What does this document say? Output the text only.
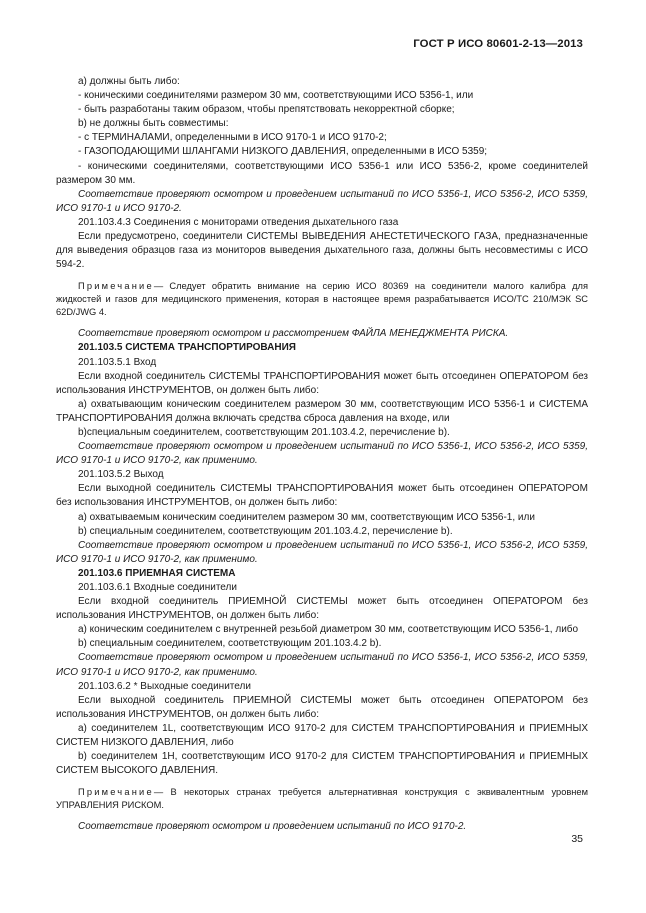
ГОСТ Р ИСО 80601-2-13—2013

a) должны быть либо:

- коническими соединителями размером 30 мм, соответствующими ИСО 5356-1, или

- быть разработаны таким образом, чтобы препятствовать некорректной сборке;

b) не должны быть совместимы:

- с ТЕРМИНАЛАМИ, определенными в ИСО 9170-1 и ИСО 9170-2;

- ГАЗОПОДАЮЩИМИ ШЛАНГАМИ НИЗКОГО ДАВЛЕНИЯ, определенными в ИСО 5359;

- коническими соединителями, соответствующими ИСО 5356-1 или ИСО 5356-2, кроме соединителей размером 30 мм.

Соответствие проверяют осмотром и проведением испытаний по ИСО 5356-1, ИСО 5356-2, ИСО 5359, ИСО 9170-1 и ИСО 9170-2.

201.103.4.3 Соединения с мониторами отведения дыхательного газа

Если предусмотрено, соединители СИСТЕМЫ ВЫВЕДЕНИЯ АНЕСТЕТИЧЕСКОГО ГАЗА, предназначенные для выведения образцов газа из мониторов выведения дыхательного газа, должны быть несовместимы с ИСО 594-2.

Примечание— Следует обратить внимание на серию ИСО 80369 на соединители малого калибра для жидкостей и газов для медицинского применения, которая в настоящее время разрабатывается ИСО/ТС 210/МЭК SC 62D/JWG 4.

Соответствие проверяют осмотром и рассмотрением ФАЙЛА МЕНЕДЖМЕНТА РИСКА.

201.103.5 СИСТЕМА ТРАНСПОРТИРОВАНИЯ

201.103.5.1 Вход

Если входной соединитель СИСТЕМЫ ТРАНСПОРТИРОВАНИЯ может быть отсоединен ОПЕРАТОРОМ без использования ИНСТРУМЕНТОВ, он должен быть либо:

a) охватывающим коническим соединителем размером 30 мм, соответствующим ИСО 5356-1 и СИСТЕМА ТРАНСПОРТИРОВАНИЯ должна включать средства сброса давления на входе, или

b)специальным соединителем, соответствующим 201.103.4.2, перечисление b).

Соответствие проверяют осмотром и проведением испытаний по ИСО 5356-1, ИСО 5356-2, ИСО 5359, ИСО 9170-1 и ИСО 9170-2, как применимо.

201.103.5.2 Выход

Если выходной соединитель СИСТЕМЫ ТРАНСПОРТИРОВАНИЯ может быть отсоединен ОПЕРАТОРОМ без использования ИНСТРУМЕНТОВ, он должен быть либо:

a) охватываемым коническим соединителем размером 30 мм, соответствующим ИСО 5356-1, или

b) специальным соединителем, соответствующим 201.103.4.2, перечисление b).

Соответствие проверяют осмотром и проведением испытаний по ИСО 5356-1, ИСО 5356-2, ИСО 5359, ИСО 9170-1 и ИСО 9170-2, как применимо.

201.103.6 ПРИЕМНАЯ СИСТЕМА

201.103.6.1 Входные соединители

Если входной соединитель ПРИЕМНОЙ СИСТЕМЫ может быть отсоединен ОПЕРАТОРОМ без использования ИНСТРУМЕНТОВ, он должен быть либо:

a) коническим соединителем с внутренней резьбой диаметром 30 мм, соответствующим ИСО 5356-1, либо

b) специальным соединителем, соответствующим 201.103.4.2 b).

Соответствие проверяют осмотром и проведением испытаний по ИСО 5356-1, ИСО 5356-2, ИСО 5359, ИСО 9170-1 и ИСО 9170-2, как применимо.

201.103.6.2 * Выходные соединители

Если выходной соединитель ПРИЕМНОЙ СИСТЕМЫ может быть отсоединен ОПЕРАТОРОМ без использования ИНСТРУМЕНТОВ, он должен быть либо:

a) соединителем 1L, соответствующим ИСО 9170-2 для СИСТЕМ ТРАНСПОРТИРОВАНИЯ и ПРИЕМНЫХ СИСТЕМ НИЗКОГО ДАВЛЕНИЯ, либо

b) соединителем 1H, соответствующим ИСО 9170-2 для СИСТЕМ ТРАНСПОРТИРОВАНИЯ и ПРИЕМНЫХ СИСТЕМ ВЫСОКОГО ДАВЛЕНИЯ.

Примечание— В некоторых странах требуется альтернативная конструкция с эквивалентным уровнем УПРАВЛЕНИЯ РИСКОМ.

Соответствие проверяют осмотром и проведением испытаний по ИСО 9170-2.

35
